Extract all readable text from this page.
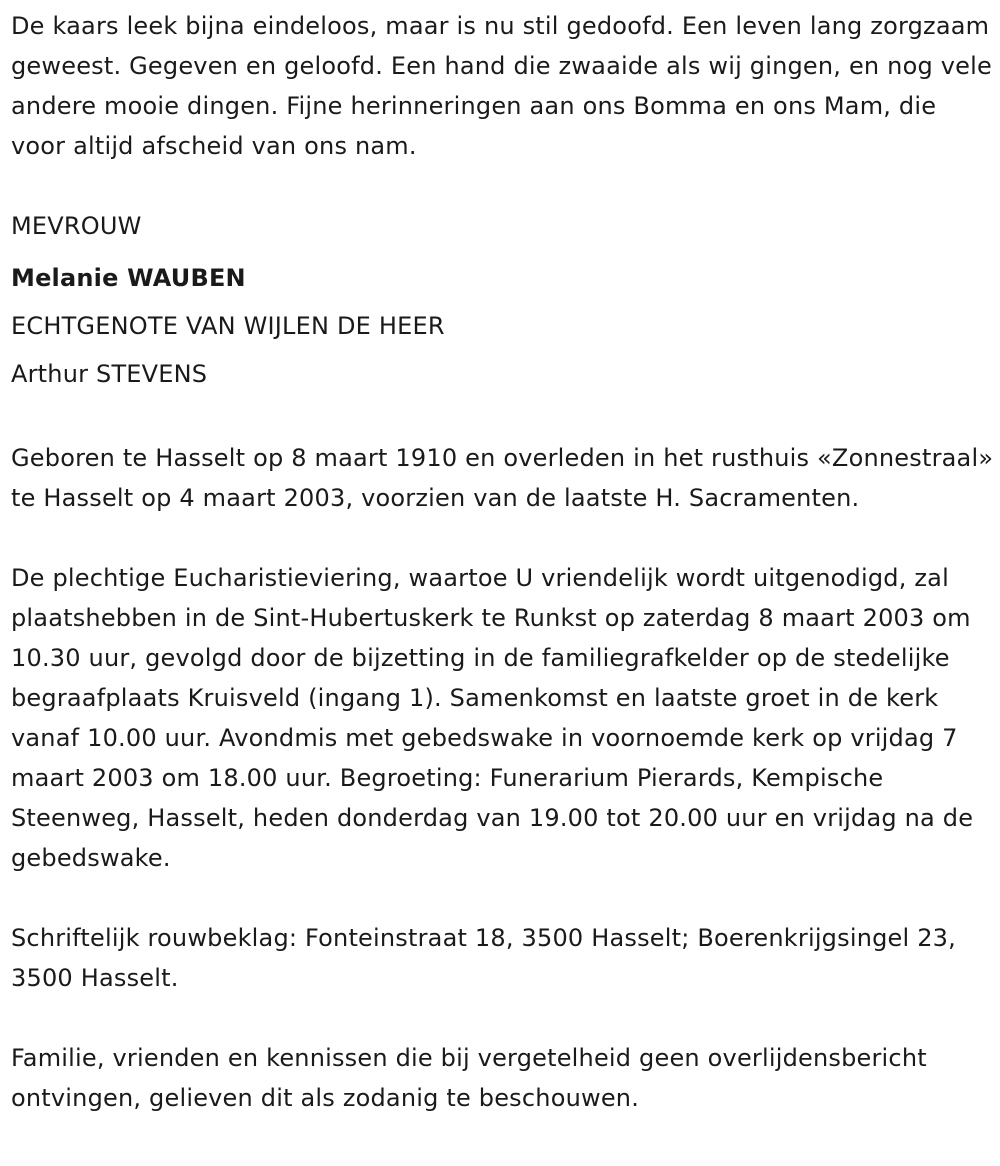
De kaars leek bijna eindeloos, maar is nu stil gedoofd. Een leven lang zorgzaam geweest. Gegeven en geloofd. Een hand die zwaaide als wij gingen, en nog vele andere mooie dingen. Fijne herinneringen aan ons Bomma en ons Mam, die voor altijd afscheid van ons nam.

MEVROUW

Melanie WAUBEN

ECHTGENOTE VAN WIJLEN DE HEER

Arthur STEVENS

Geboren te Hasselt op 8 maart 1910 en overleden in het rusthuis «Zonnestraal» te Hasselt op 4 maart 2003, voorzien van de laatste H. Sacramenten.

De plechtige Eucharistieviering, waartoe U vriendelijk wordt uitgenodigd, zal plaatshebben in de Sint-Hubertuskerk te Runkst op zaterdag 8 maart 2003 om 10.30 uur, gevolgd door de bijzetting in de familiegrafkelder op de stedelijke begraafplaats Kruisveld (ingang 1). Samenkomst en laatste groet in de kerk vanaf 10.00 uur. Avondmis met gebedswake in voornoemde kerk op vrijdag 7 maart 2003 om 18.00 uur. Begroeting: Funerarium Pierards, Kempische Steenweg, Hasselt, heden donderdag van 19.00 tot 20.00 uur en vrijdag na de gebedswake.

Schriftelijk rouwbeklag: Fonteinstraat 18, 3500 Hasselt; Boerenkrijgsingel 23, 3500 Hasselt.

Familie, vrienden en kennissen die bij vergetelheid geen overlijdensbericht ontvingen, gelieven dit als zodanig te beschouwen.
